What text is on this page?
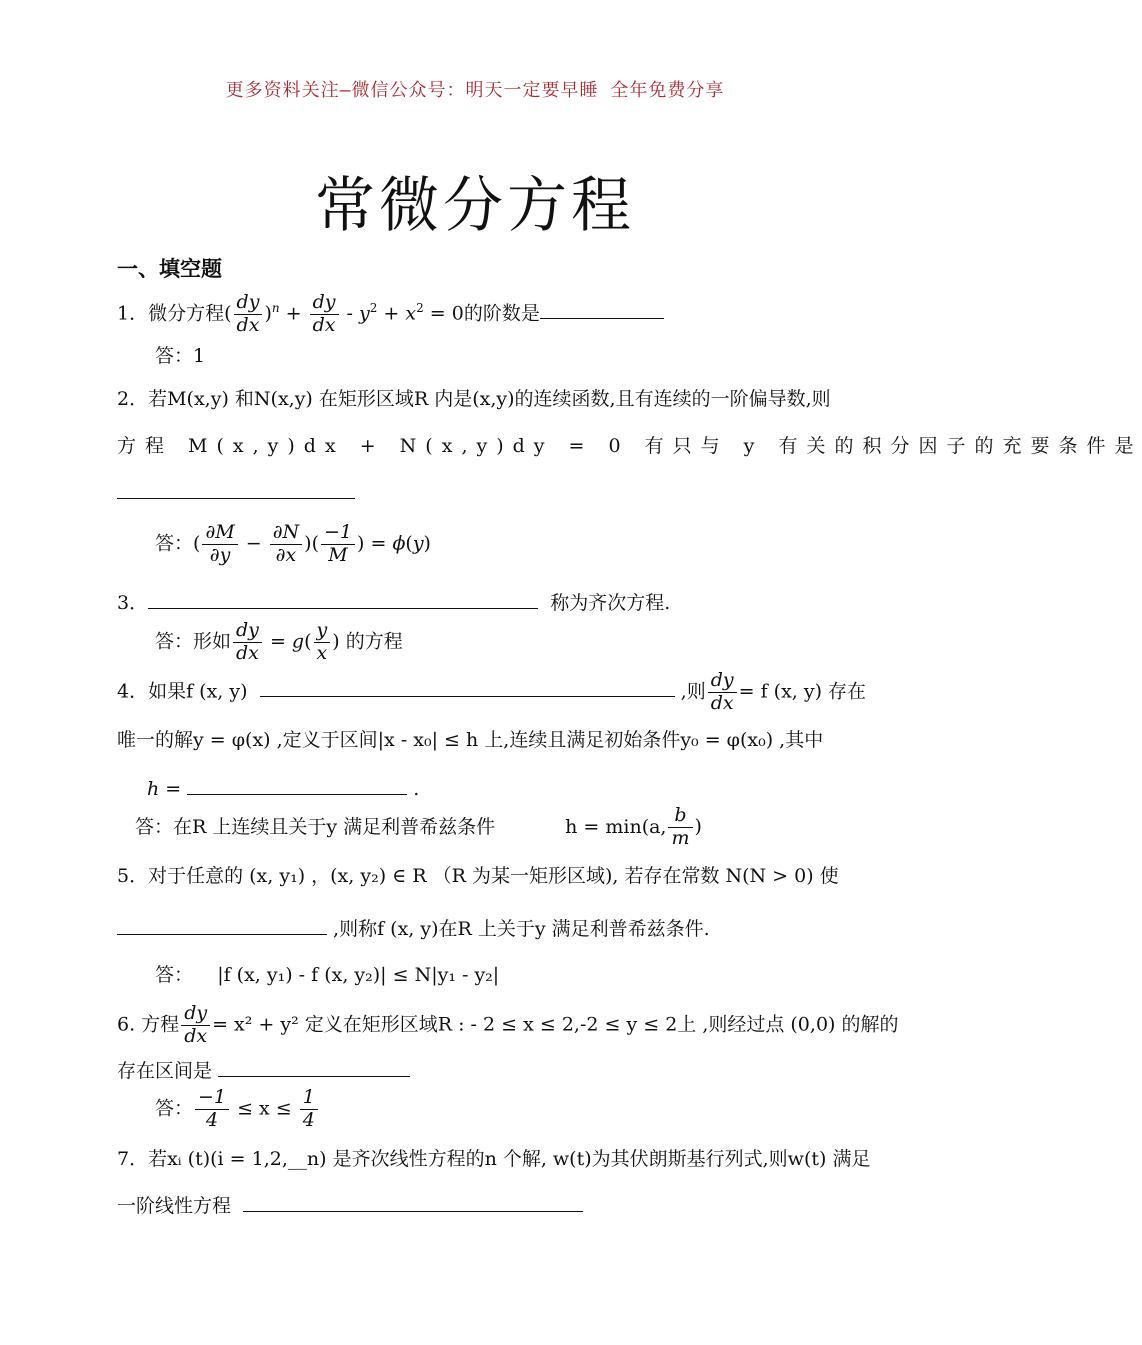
更多资料关注–微信公众号：明天一定要早睡 全年免费分享
常微分方程
一、填空题
1．微分方程( $\frac{dy}{dx} )^n + \frac{dy}{dx} - y^2 + x^2 = 0$的阶数是
答：1
2．若M(x,y) 和N(x,y) 在矩形区域R 内是(x,y)的连续函数,且有连续的一阶偏导数,则
方程 M(x,y)dx + N(x,y)dy = 0 有只与 y 有关的积分因子的充要条件是
答：( $\frac{\partial M}{\partial y} - \frac{\partial N}{\partial x}$ )( $\frac{-1}{M}$ ) = ϕ(y)
3．	称为齐次方程.
答：形如 $\frac{dy}{dx} = g( \frac{y}{x}$ ) 的方程
4．如果f (x, y)	,则 $\frac{dy}{dx} = f$ (x, y) 存在
唯一的解y = φ(x) ,定义于区间|x - x₀| ≤ h 上,连续且满足初始条件y₀ = φ(x₀) ,其中
h =	.
答：在R 上连续且关于y 满足利普希兹条件	h = min(a, $\frac{b}{m}$ )
5．对于任意的 (x, y₁) ，(x, y₂) ∈ R （R 为某一矩形区域), 若存在常数 N(N > 0) 使
,则称f (x, y)在R 上关于y 满足利普希兹条件.
答： |f (x, y₁) - f (x, y₂)| ≤ N|y₁ - y₂|
6. 方程 $\frac{dy}{dx} = x^2 + y^2$ 定义在矩形区域R : - 2 ≤ x ≤ 2,-2 ≤ y ≤ 2上 ,则经过点 (0,0) 的解的
存在区间是
答： $\frac{-1}{4} \le x \le \frac{1}{4}$
7．若xᵢ (t)(i = 1,2,__n) 是齐次线性方程的n 个解, w(t)为其伏朗斯基行列式,则w(t) 满足
一阶线性方程
